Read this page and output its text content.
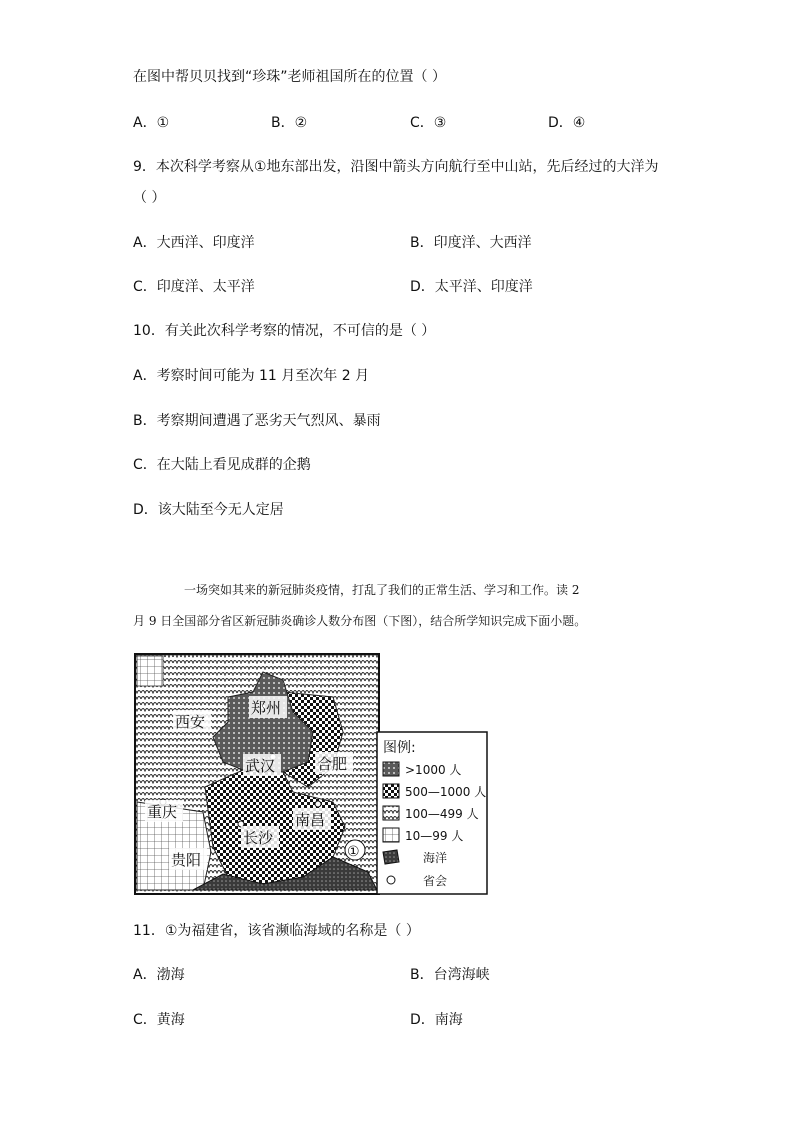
在图中帮贝贝找到“珍珠”老师祖国所在的位置（ ）
A．①	B．②	C．③	D．④
9．本次科学考察从①地东部出发，沿图中箭头方向航行至中山站，先后经过的大洋为
（ ）
A．大西洋、印度洋	B．印度洋、大西洋
C．印度洋、太平洋	D．太平洋、印度洋
10．有关此次科学考察的情况，不可信的是（ ）
A．考察时间可能为 11 月至次年 2 月
B．考察期间遭遇了恶劣天气烈风、暴雨
C．在大陆上看见成群的企鹅
D．该大陆至今无人定居
一场突如其来的新冠肺炎疫情，打乱了我们的正常生活、学习和工作。读 2
月 9 日全国部分省区新冠肺炎确诊人数分布图（下图），结合所学知识完成下面小题。
西安
郑州
武汉	合肥
重庆
长沙
南昌
贵阳	①
图例:
>1000 人
500—1000 人
100—499 人
10—99 人
海洋
省会
11．①为福建省，该省濒临海域的名称是（ ）
A．渤海	B．台湾海峡
C．黄海	D．南海
